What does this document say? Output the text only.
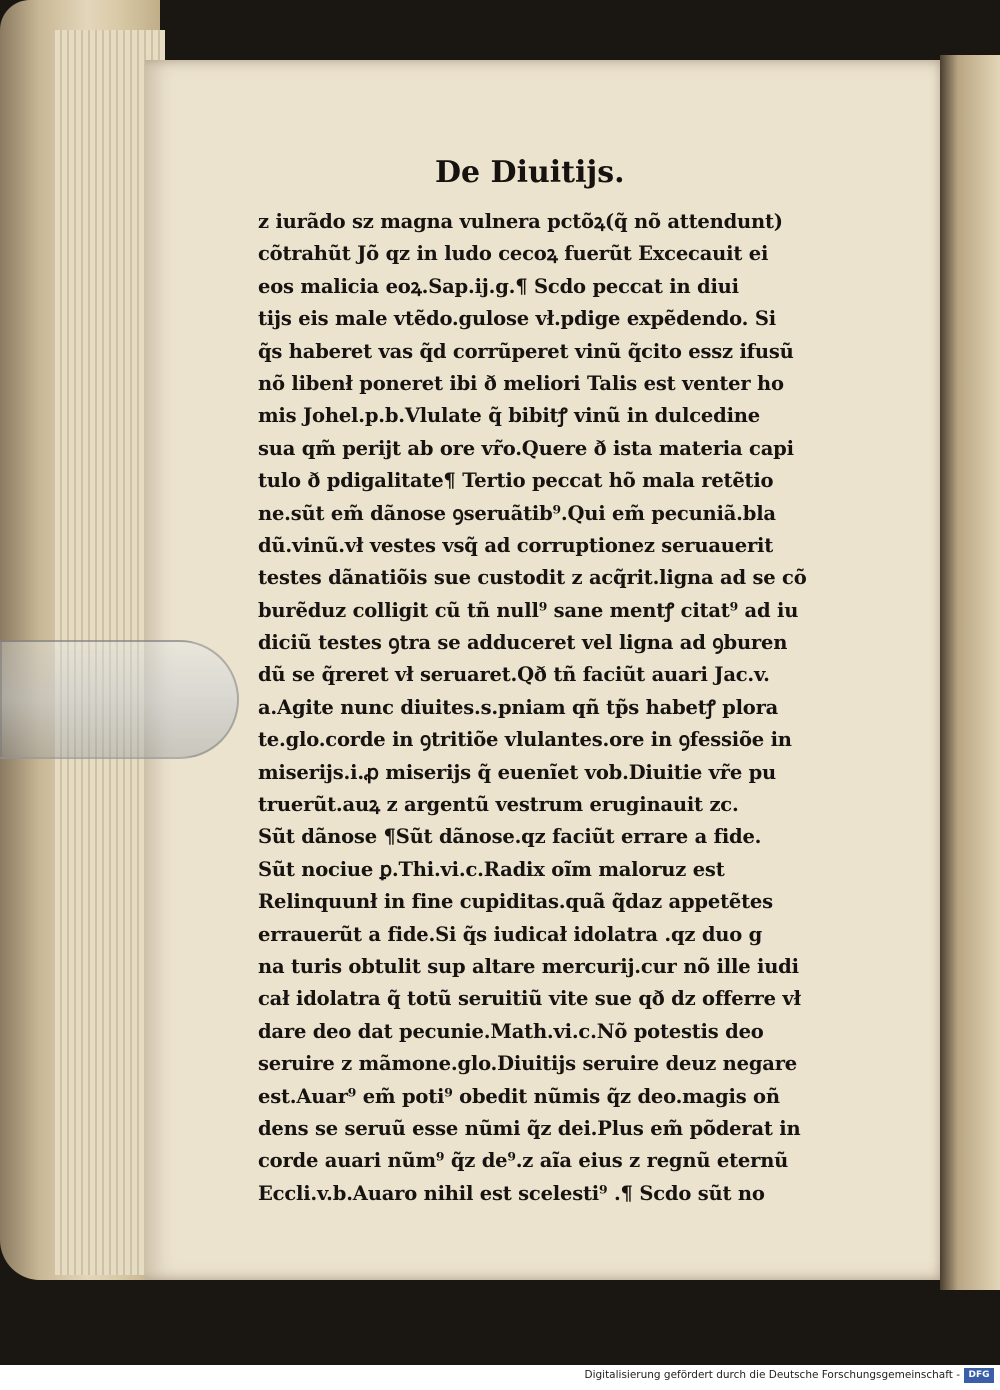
De Diuitijs.
z iurãdo sz magna vulnera pctõꝝ(q̃ nõ attendunt)
cõtrahũt Jõ qz in ludo cecoꝝ fuerũt Excecauit ei
eos malicia eoꝝ.Sap.ij.g.¶ Scdo peccat in diui
tijs eis male vtẽdo.gulose vł.pdige expẽdendo. Si
q̃s haberet vas q̃d corrũperet vinũ q̃cito essz ifusũ
nõ libenł poneret ibi ð meliori Talis est venter ho
mis Johel.p.b.Vlulate q̃ bibitꝭ vinũ in dulcedine
sua qm̃ perijt ab ore vr̃o.Quere ð ista materia capi
tulo ð pdigalitate¶ Tertio peccat hõ mala retẽtio
ne.sũt em̃ dãnose ꝯseruãtib⁹.Qui em̃ pecuniã.bla
dũ.vinũ.vł vestes vsq̃ ad corruptionez seruauerit
testes dãnatiõis sue custodit z acq̃rit.ligna ad se cõ
burẽduz colligit cũ tñ null⁹ sane mentꝭ citat⁹ ad iu
diciũ testes ꝯtra se adduceret vel ligna ad ꝯburen
dũ se q̃reret vł seruaret.Qð tñ faciũt auari Jac.v.
a.Agite nunc diuites.s.pniam qñ tp̃s habetꝭ plora
te.glo.corde in ꝯtritiõe vlulantes.ore in ꝯfessiõe in
miserijs.i.ꝓ miserijs q̃ euenĩet vob.Diuitie vr̃e pu
truerũt.auꝝ z argentũ vestrum eruginauit zc.
Sũt dãnose ¶Sũt dãnose.qz faciũt errare a fide.
Sũt nociue ꝑ.Thi.vi.c.Radix oĩm maloruz est
Relinquunł in fine cupiditas.quã q̃daz appetẽtes
errauerũt a fide.Si q̃s iudicał idolatra .qz duo g
na turis obtulit sup altare mercurij.cur nõ ille iudi
cał idolatra q̃ totũ seruitiũ vite sue qð dz offerre vł
dare deo dat pecunie.Math.vi.c.Nõ potestis deo
seruire z mãmone.glo.Diuitijs seruire deuz negare
est.Auar⁹ em̃ poti⁹ obedit nũmis q̃z deo.magis oñ
dens se seruũ esse nũmi q̃z dei.Plus em̃ põderat in
corde auari nũm⁹ q̃z de⁹.z aĩa eius z regnũ eternũ
Eccli.v.b.Auaro nihil est scelesti⁹ .¶ Scdo sũt no
Digitalisierung gefördert durch die Deutsche Forschungsgemeinschaft - DFG
